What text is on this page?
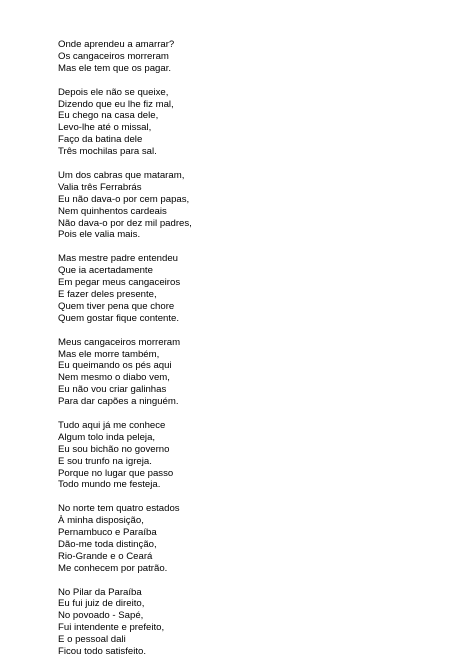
Onde aprendeu a amarrar?
Os cangaceiros morreram
Mas ele tem que os pagar.
Depois ele não se queixe,
Dizendo que eu lhe fiz mal,
Eu chego na casa dele,
Levo-lhe até o missal,
Faço da batina dele
Três mochilas para sal.
Um dos cabras que mataram,
Valia três Ferrabrás
Eu não dava-o por cem papas,
Nem quinhentos cardeais
Não dava-o por dez mil padres,
Pois ele valia mais.
Mas mestre padre entendeu
Que ia acertadamente
Em pegar meus cangaceiros
E fazer deles presente,
Quem tiver pena que chore
Quem gostar fique contente.
Meus cangaceiros morreram
Mas ele morre também,
Eu queimando os pés aqui
Nem mesmo o diabo vem,
Eu não vou criar galinhas
Para dar capões a ninguém.
Tudo aqui já me conhece
Algum tolo inda peleja,
Eu sou bichão no governo
E sou trunfo na igreja.
Porque no lugar que passo
Todo mundo me festeja.
No norte tem quatro estados
À minha disposição,
Pernambuco e Paraíba
Dão-me toda distinção,
Rio-Grande e o Ceará
Me conhecem por patrão.
No Pilar da Paraíba
Eu fui juiz de direito,
No povoado - Sapé,
Fui intendente e prefeito,
E o pessoal dali
Ficou todo satisfeito.
